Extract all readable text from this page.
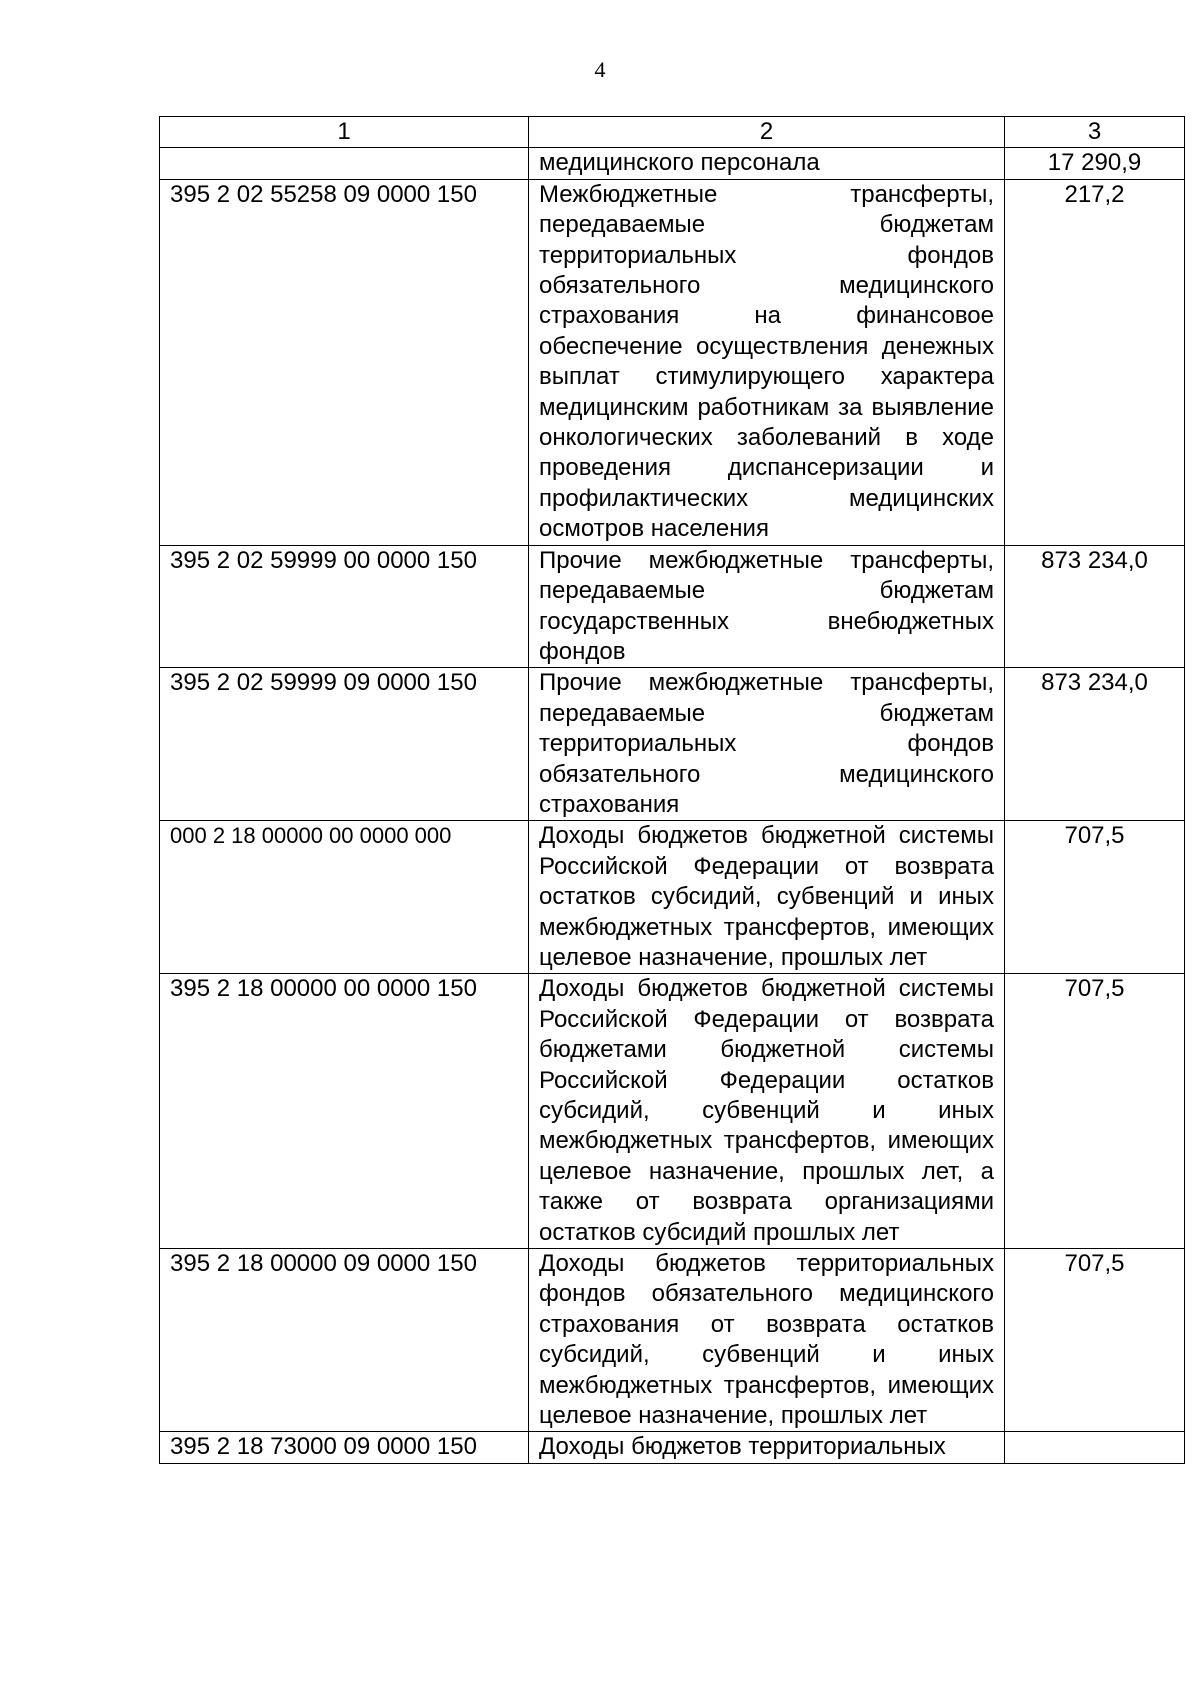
4
1	2	3
	медицинского персонала	17 290,9
395 2 02 55258 09 0000 150	Межбюджетные трансферты, передаваемые бюджетам территориальных фондов обязательного медицинского страхования на финансовое обеспечение осуществления денежных выплат стимулирующего характера медицинским работникам за выявление онкологических заболеваний в ходе проведения диспансеризации и профилактических медицинских осмотров населения	217,2
395 2 02 59999 00 0000 150	Прочие межбюджетные трансферты, передаваемые бюджетам государственных внебюджетных фондов	873 234,0
395 2 02 59999 09 0000 150	Прочие межбюджетные трансферты, передаваемые бюджетам территориальных фондов обязательного медицинского страхования	873 234,0
000 2 18 00000 00 0000 000	Доходы бюджетов бюджетной системы Российской Федерации от возврата остатков субсидий, субвенций и иных межбюджетных трансфертов, имеющих целевое назначение, прошлых лет	707,5
395 2 18 00000 00 0000 150	Доходы бюджетов бюджетной системы Российской Федерации от возврата бюджетами бюджетной системы Российской Федерации остатков субсидий, субвенций и иных межбюджетных трансфертов, имеющих целевое назначение, прошлых лет, а также от возврата организациями остатков субсидий прошлых лет	707,5
395 2 18 00000 09 0000 150	Доходы бюджетов территориальных фондов обязательного медицинского страхования от возврата остатков субсидий, субвенций и иных межбюджетных трансфертов, имеющих целевое назначение, прошлых лет	707,5
395 2 18 73000 09 0000 150	Доходы бюджетов территориальных	
